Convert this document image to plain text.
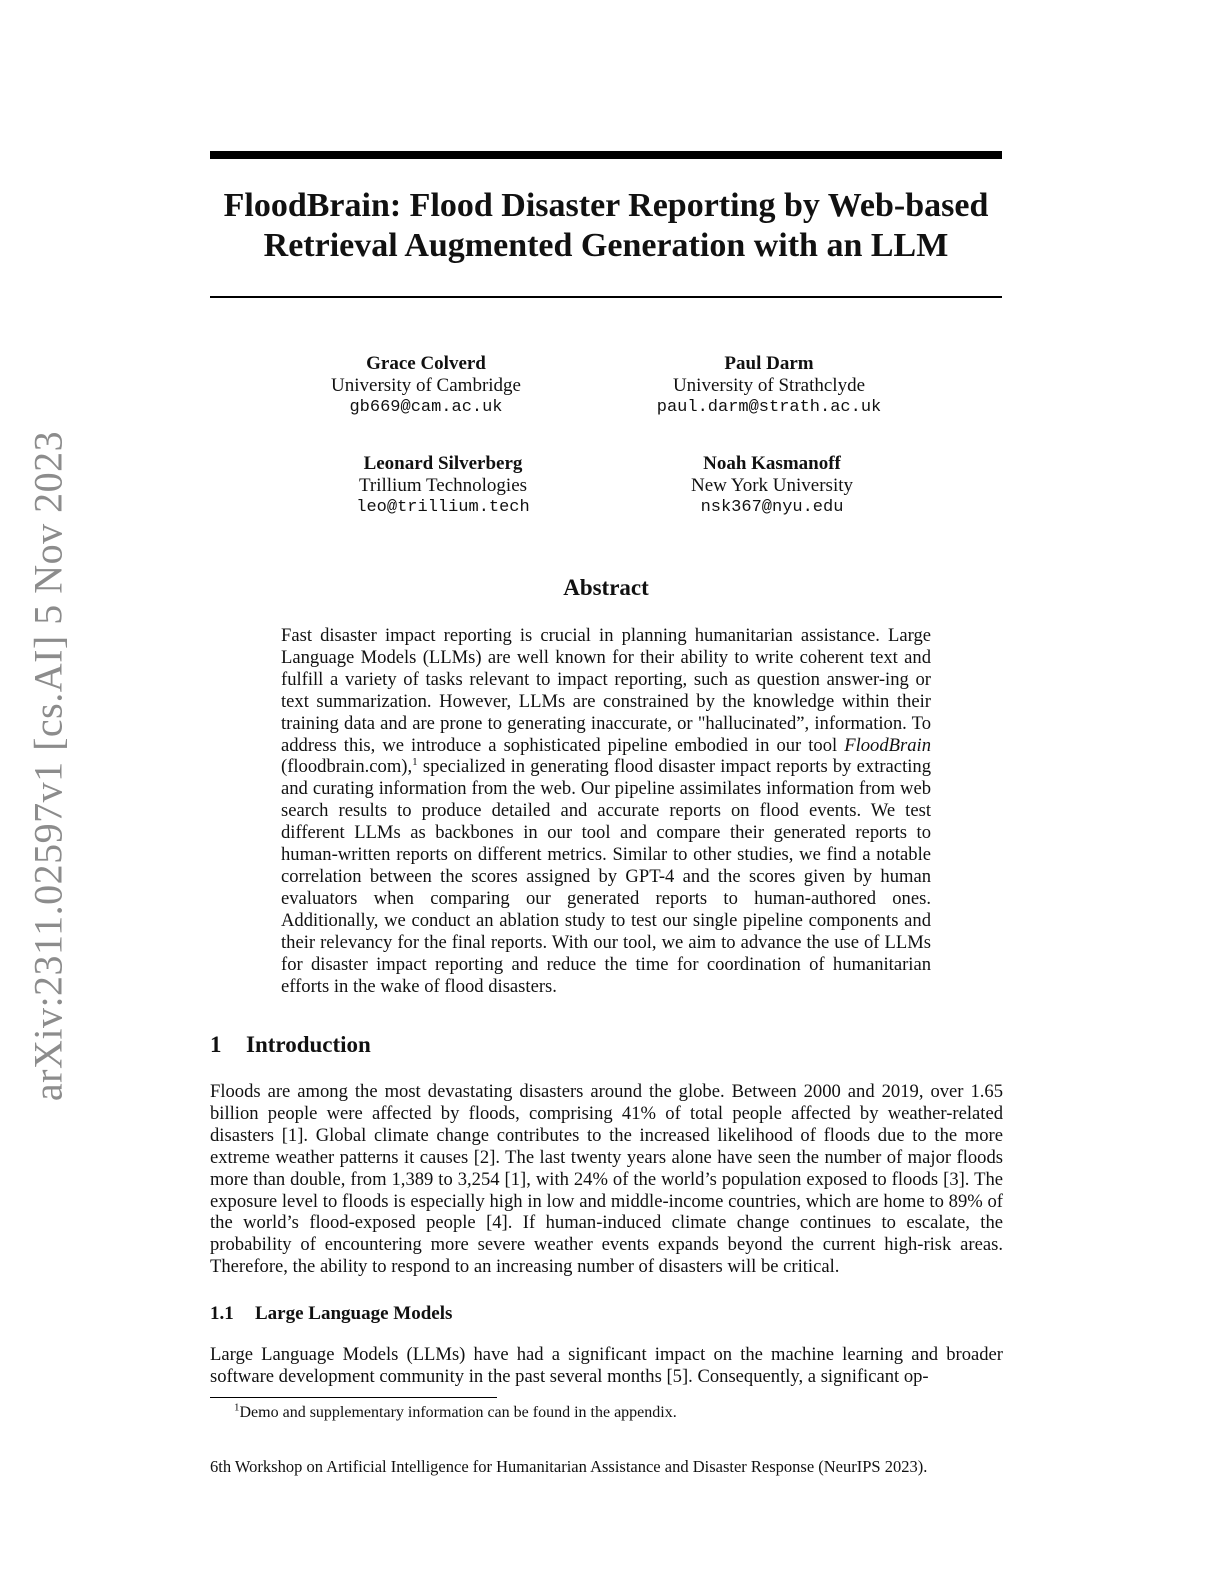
arXiv:2311.02597v1 [cs.AI] 5 Nov 2023
FloodBrain: Flood Disaster Reporting by Web-based
Retrieval Augmented Generation with an LLM
Grace Colverd
University of Cambridge
gb669@cam.ac.uk
Paul Darm
University of Strathclyde
paul.darm@strath.ac.uk
Leonard Silverberg
Trillium Technologies
leo@trillium.tech
Noah Kasmanoff
New York University
nsk367@nyu.edu
Abstract

Fast disaster impact reporting is crucial in planning humanitarian assistance. Large Language Models (LLMs) are well known for their ability to write coherent text and fulfill a variety of tasks relevant to impact reporting, such as question answer-ing or text summarization. However, LLMs are constrained by the knowledge within their training data and are prone to generating inaccurate, or "hallucinated”, information. To address this, we introduce a sophisticated pipeline embodied in our tool FloodBrain (floodbrain.com),$^1$ specialized in generating flood disaster impact reports by extracting and curating information from the web. Our pipeline assimilates information from web search results to produce detailed and accurate reports on flood events. We test different LLMs as backbones in our tool and compare their generated reports to human-written reports on different metrics. Similar to other studies, we find a notable correlation between the scores assigned by GPT-4 and the scores given by human evaluators when comparing our generated reports to human-authored ones. Additionally, we conduct an ablation study to test our single pipeline components and their relevancy for the final reports. With our tool, we aim to advance the use of LLMs for disaster impact reporting and reduce the time for coordination of humanitarian efforts in the wake of flood disasters.

1 Introduction

Floods are among the most devastating disasters around the globe. Between 2000 and 2019, over 1.65 billion people were affected by floods, comprising 41% of total people affected by weather-related disasters [1]. Global climate change contributes to the increased likelihood of floods due to the more extreme weather patterns it causes [2]. The last twenty years alone have seen the number of major floods more than double, from 1,389 to 3,254 [1], with 24% of the world’s population exposed to floods [3]. The exposure level to floods is especially high in low and middle-income countries, which are home to 89% of the world’s flood-exposed people [4]. If human-induced climate change continues to escalate, the probability of encountering more severe weather events expands beyond the current high-risk areas. Therefore, the ability to respond to an increasing number of disasters will be critical.

1.1 Large Language Models

Large Language Models (LLMs) have had a significant impact on the machine learning and broader software development community in the past several months [5]. Consequently, a significant op-

$^1$Demo and supplementary information can be found in the appendix.

6th Workshop on Artificial Intelligence for Humanitarian Assistance and Disaster Response (NeurIPS 2023).
